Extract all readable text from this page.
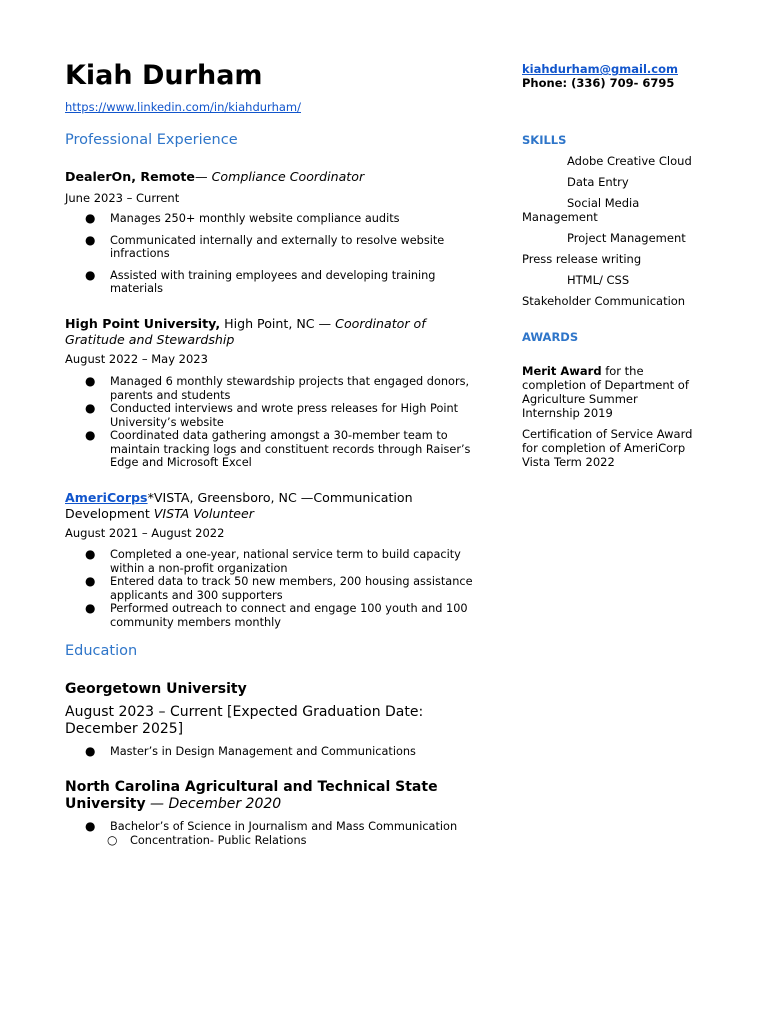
Kiah Durham
https://www.linkedin.com/in/kiahdurham/
kiahdurham@gmail.com
Phone: (336) 709- 6795
Professional Experience
DealerOn, Remote— Compliance Coordinator
June 2023 – Current
● Manages 250+ monthly website compliance audits
● Communicated internally and externally to resolve website infractions
● Assisted with training employees and developing training materials
High Point University, High Point, NC — Coordinator of Gratitude and Stewardship
August 2022 – May 2023
● Managed 6 monthly stewardship projects that engaged donors, parents and students
● Conducted interviews and wrote press releases for High Point University’s website
● Coordinated data gathering amongst a 30-member team to maintain tracking logs and constituent records through Raiser’s Edge and Microsoft Excel
AmeriCorps*VISTA, Greensboro, NC —Communication Development VISTA Volunteer
August 2021 – August 2022
● Completed a one-year, national service term to build capacity within a non-profit organization
● Entered data to track 50 new members, 200 housing assistance applicants and 300 supporters
● Performed outreach to connect and engage 100 youth and 100 community members monthly
Education
Georgetown University
August 2023 – Current [Expected Graduation Date: December 2025]
● Master’s in Design Management and Communications
North Carolina Agricultural and Technical State University — December 2020
● Bachelor’s of Science in Journalism and Mass Communication
○ Concentration- Public Relations
SKILLS
Adobe Creative Cloud
Data Entry
Social Media Management
Project Management
Press release writing
HTML/ CSS
Stakeholder Communication
AWARDS
Merit Award for the completion of Department of Agriculture Summer Internship 2019
Certification of Service Award for completion of AmeriCorp Vista Term 2022
